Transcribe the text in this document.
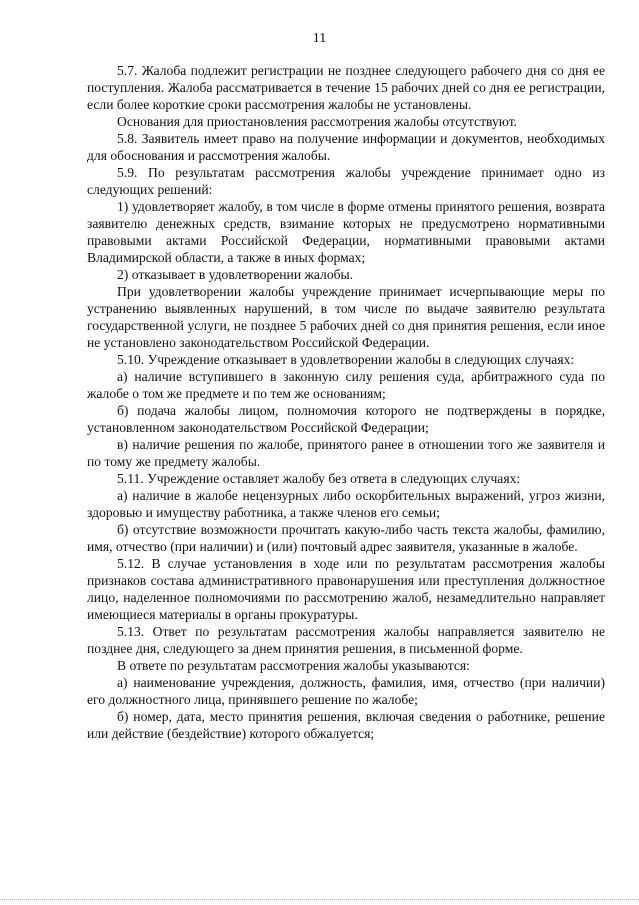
11

5.7. Жалоба подлежит регистрации не позднее следующего рабочего дня со дня ее поступления. Жалоба рассматривается в течение 15 рабочих дней со дня ее регистрации, если более короткие сроки рассмотрения жалобы не установлены.

Основания для приостановления рассмотрения жалобы отсутствуют.

5.8. Заявитель имеет право на получение информации и документов, необходимых для обоснования и рассмотрения жалобы.

5.9. По результатам рассмотрения жалобы учреждение принимает одно из следующих решений:

1) удовлетворяет жалобу, в том числе в форме отмены принятого решения, возврата заявителю денежных средств, взимание которых не предусмотрено нормативными правовыми актами Российской Федерации, нормативными правовыми актами Владимирской области, а также в иных формах;

2) отказывает в удовлетворении жалобы.

При удовлетворении жалобы учреждение принимает исчерпывающие меры по устранению выявленных нарушений, в том числе по выдаче заявителю результата государственной услуги, не позднее 5 рабочих дней со дня принятия решения, если иное не установлено законодательством Российской Федерации.

5.10. Учреждение отказывает в удовлетворении жалобы в следующих случаях:

а) наличие вступившего в законную силу решения суда, арбитражного суда по жалобе о том же предмете и по тем же основаниям;

б) подача жалобы лицом, полномочия которого не подтверждены в порядке, установленном законодательством Российской Федерации;

в) наличие решения по жалобе, принятого ранее в отношении того же заявителя и по тому же предмету жалобы.

5.11. Учреждение оставляет жалобу без ответа в следующих случаях:

а) наличие в жалобе нецензурных либо оскорбительных выражений, угроз жизни, здоровью и имуществу работника, а также членов его семьи;

б) отсутствие возможности прочитать какую-либо часть текста жалобы, фамилию, имя, отчество (при наличии) и (или) почтовый адрес заявителя, указанные в жалобе.

5.12. В случае установления в ходе или по результатам рассмотрения жалобы признаков состава административного правонарушения или преступления должностное лицо, наделенное полномочиями по рассмотрению жалоб, незамедлительно направляет имеющиеся материалы в органы прокуратуры.

5.13. Ответ по результатам рассмотрения жалобы направляется заявителю не позднее дня, следующего за днем принятия решения, в письменной форме.

В ответе по результатам рассмотрения жалобы указываются:

а) наименование учреждения, должность, фамилия, имя, отчество (при наличии) его должностного лица, принявшего решение по жалобе;

б) номер, дата, место принятия решения, включая сведения о работнике, решение или действие (бездействие) которого обжалуется;
